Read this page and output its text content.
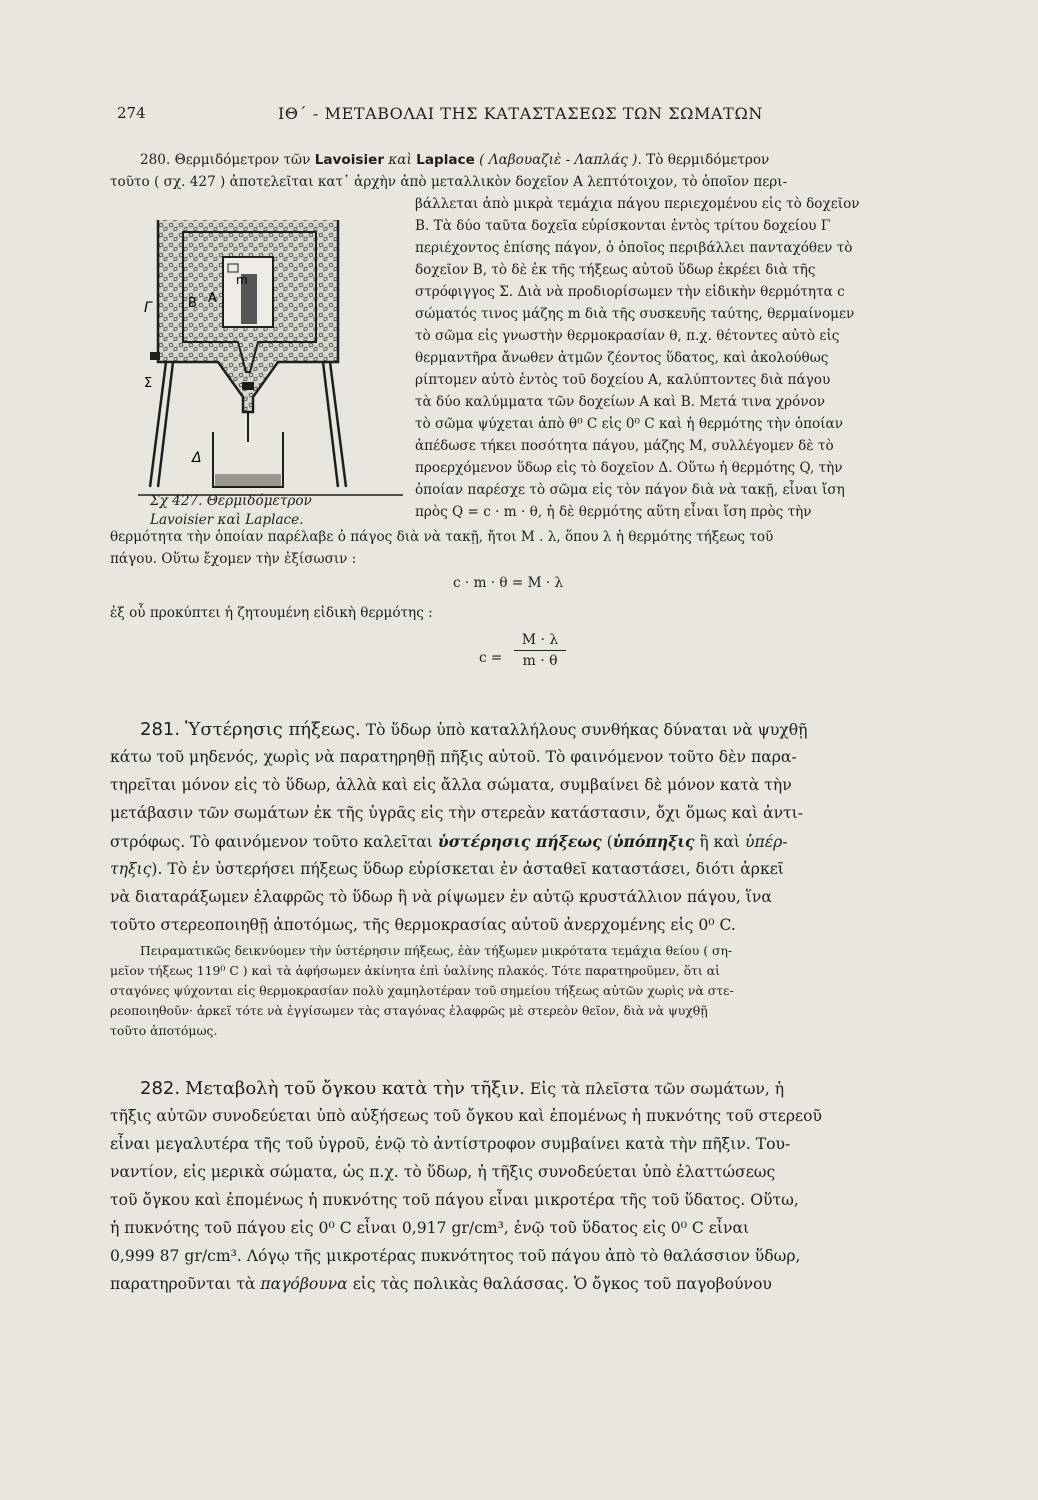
274	ΙΘ΄ - ΜΕΤΑΒΟΛΑΙ ΤΗΣ ΚΑΤΑΣΤΑΣΕΩΣ ΤΩΝ ΣΩΜΑΤΩΝ
m
A
B
Γ
Σ
Δ
Σχ 427. Θερμιδόμετρον
Lavoisier καὶ Laplace.
280. Θερμιδόμετρον τῶν Lavoisier καὶ Laplace ( Λαβουαζιὲ - Λαπλάς ). Τὸ θερμιδόμετρον
τοῦτο ( σχ. 427 ) ἀποτελεῖται κατ᾽ ἀρχὴν ἀπὸ μεταλλικὸν δοχεῖον Α λεπτότοιχον, τὸ ὁποῖον περι-
βάλλεται ἀπὸ μικρὰ τεμάχια πάγου περιεχομένου εἰς τὸ δοχεῖον
Β. Τὰ δύο ταῦτα δοχεῖα εὑρίσκονται ἐντὸς τρίτου δοχείου Γ
περιέχοντος ἐπίσης πάγον, ὁ ὁποῖος περιβάλλει πανταχόθεν τὸ
δοχεῖον Β, τὸ δὲ ἐκ τῆς τήξεως αὐτοῦ ὕδωρ ἐκρέει διὰ τῆς
στρόφιγγος Σ. Διὰ νὰ προδιορίσωμεν τὴν εἰδικὴν θερμότητα c
σώματός τινος μάζης m διὰ τῆς συσκευῆς ταύτης, θερμαίνομεν
τὸ σῶμα εἰς γνωστὴν θερμοκρασίαν θ, π.χ. θέτοντες αὐτὸ εἰς
θερμαντῆρα ἄνωθεν ἀτμῶν ζέοντος ὕδατος, καὶ ἀκολούθως
ρίπτομεν αὐτὸ ἐντὸς τοῦ δοχείου Α, καλύπτοντες διὰ πάγου
τὰ δύο καλύμματα τῶν δοχείων Α καὶ Β. Μετά τινα χρόνον
τὸ σῶμα ψύχεται ἀπὸ θ⁰ C εἰς 0⁰ C καὶ ἡ θερμότης τὴν ὁποίαν
ἀπέδωσε τήκει ποσότητα πάγου, μάζης Μ, συλλέγομεν δὲ τὸ
προερχόμενον ὕδωρ εἰς τὸ δοχεῖον Δ. Οὕτω ἡ θερμότης Q, τὴν
ὁποίαν παρέσχε τὸ σῶμα εἰς τὸν πάγον διὰ νὰ τακῇ, εἶναι ἴση
πρὸς Q = c · m · θ, ἡ δὲ θερμότης αὕτη εἶναι ἴση πρὸς τὴν
θερμότητα τὴν ὁποίαν παρέλαβε ὁ πάγος διὰ νὰ τακῇ, ἤτοι Μ . λ, ὅπου λ ἡ θερμότης τήξεως τοῦ
πάγου. Οὕτω ἔχομεν τὴν ἐξίσωσιν :
c · m · θ = M · λ
ἐξ οὗ προκύπτει ἡ ζητουμένη εἰδικὴ θερμότης :
c =
M · λ
m · θ
281. Ὑστέρησις πήξεως. Τὸ ὕδωρ ὑπὸ καταλλήλους συνθήκας δύναται νὰ ψυχθῇ
κάτω τοῦ μηδενός, χωρὶς νὰ παρατηρηθῇ πῆξις αὐτοῦ. Τὸ φαινόμενον τοῦτο δὲν παρα-
τηρεῖται μόνον εἰς τὸ ὕδωρ, ἀλλὰ καὶ εἰς ἄλλα σώματα, συμβαίνει δὲ μόνον κατὰ τὴν
μετάβασιν τῶν σωμάτων ἐκ τῆς ὑγρᾶς εἰς τὴν στερεὰν κατάστασιν, ὄχι ὅμως καὶ ἀντι-
στρόφως. Τὸ φαινόμενον τοῦτο καλεῖται ὑστέρησις πήξεως (ὑπόπηξις ἢ καὶ ὑπέρ-
τηξις). Τὸ ἐν ὑστερήσει πήξεως ὕδωρ εὑρίσκεται ἐν ἀσταθεῖ καταστάσει, διότι ἀρκεῖ
νὰ διαταράξωμεν ἐλαφρῶς τὸ ὕδωρ ἢ νὰ ρίψωμεν ἐν αὐτῷ κρυστάλλιον πάγου, ἵνα
τοῦτο στερεοποιηθῇ ἀποτόμως, τῆς θερμοκρασίας αὐτοῦ ἀνερχομένης εἰς 0⁰ C.
Πειραματικῶς δεικνύομεν τὴν ὑστέρησιν πήξεως, ἐὰν τήξωμεν μικρότατα τεμάχια θείου ( ση-
μεῖον τήξεως 119⁰ C ) καὶ τὰ ἀφήσωμεν ἀκίνητα ἐπὶ ὑαλίνης πλακός. Τότε παρατηροῦμεν, ὅτι αἱ
σταγόνες ψύχονται εἰς θερμοκρασίαν πολὺ χαμηλοτέραν τοῦ σημείου τήξεως αὐτῶν χωρὶς νὰ στε-
ρεοποιηθοῦν· ἀρκεῖ τότε νὰ ἐγγίσωμεν τὰς σταγόνας ἐλαφρῶς μὲ στερεὸν θεῖον, διὰ νὰ ψυχθῇ
τοῦτο ἀποτόμως.
282. Μεταβολὴ τοῦ ὄγκου κατὰ τὴν τῆξιν. Εἰς τὰ πλεῖστα τῶν σωμάτων, ἡ
τῆξις αὐτῶν συνοδεύεται ὑπὸ αὐξήσεως τοῦ ὄγκου καὶ ἐπομένως ἡ πυκνότης τοῦ στερεοῦ
εἶναι μεγαλυτέρα τῆς τοῦ ὑγροῦ, ἐνῷ τὸ ἀντίστροφον συμβαίνει κατὰ τὴν πῆξιν. Του-
ναντίον, εἰς μερικὰ σώματα, ὡς π.χ. τὸ ὕδωρ, ἡ τῆξις συνοδεύεται ὑπὸ ἐλαττώσεως
τοῦ ὄγκου καὶ ἐπομένως ἡ πυκνότης τοῦ πάγου εἶναι μικροτέρα τῆς τοῦ ὕδατος. Οὕτω,
ἡ πυκνότης τοῦ πάγου εἰς 0⁰ C εἶναι 0,917 gr/cm³, ἐνῷ τοῦ ὕδατος εἰς 0⁰ C εἶναι
0,999 87 gr/cm³. Λόγῳ τῆς μικροτέρας πυκνότητος τοῦ πάγου ἀπὸ τὸ θαλάσσιον ὕδωρ,
παρατηροῦνται τὰ παγόβουνα εἰς τὰς πολικὰς θαλάσσας. Ὁ ὄγκος τοῦ παγοβούνου
